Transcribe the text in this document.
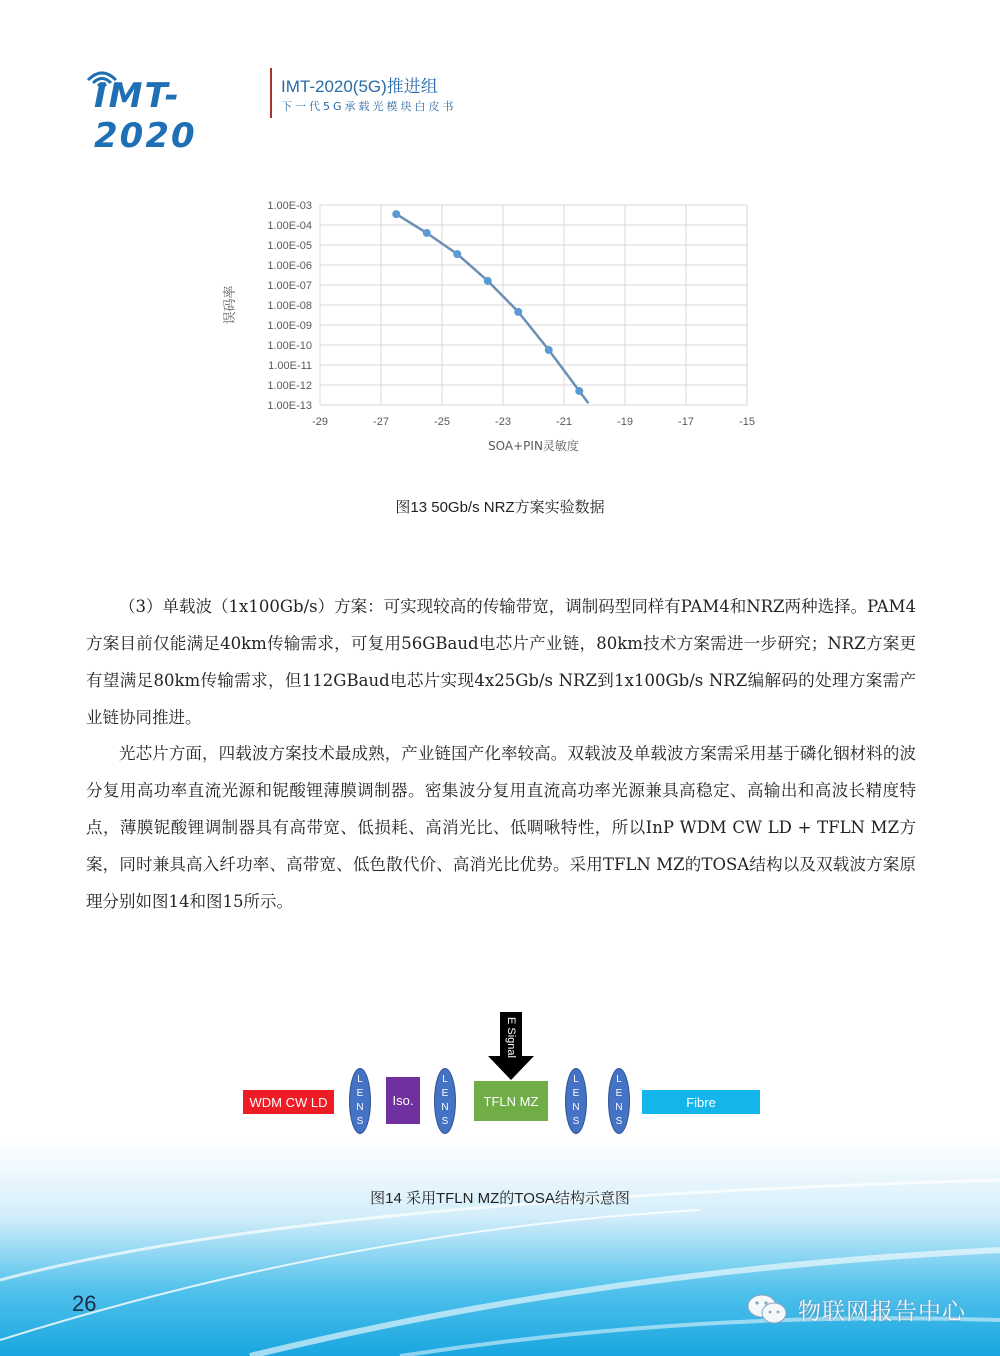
IMT-2020
IMT-2020(5G)推进组
下一代5G承载光模块白皮书
1.00E-03
1.00E-04
1.00E-05
1.00E-06
1.00E-07
1.00E-08
1.00E-09
1.00E-10
1.00E-11
1.00E-12
1.00E-13
-29	-27	-25	-23	-21	-19	-17	-15
SOA+PIN灵敏度
误码率
图13 50Gb/s NRZ方案实验数据
（3）单载波（1x100Gb/s）方案：可实现较高的传输带宽，调制码型同样有PAM4和NRZ两种选择。PAM4方案目前仅能满足40km传输需求，可复用56GBaud电芯片产业链，80km技术方案需进一步研究；NRZ方案更有望满足80km传输需求，但112GBaud电芯片实现4x25Gb/s NRZ到1x100Gb/s NRZ编解码的处理方案需产业链协同推进。
光芯片方面，四载波方案技术最成熟，产业链国产化率较高。双载波及单载波方案需采用基于磷化铟材料的波分复用高功率直流光源和铌酸锂薄膜调制器。密集波分复用直流高功率光源兼具高稳定、高输出和高波长精度特点，薄膜铌酸锂调制器具有高带宽、低损耗、高消光比、低啁啾特性，所以InP WDM CW LD + TFLN MZ方案，同时兼具高入纤功率、高带宽、低色散代价、高消光比优势。采用TFLN MZ的TOSA结构以及双载波方案原理分别如图14和图15所示。
WDM CW LD
L
E
N
S
Iso.
L
E
N
S
E Signal
TFLN MZ
L
E
N
S
L
E
N
S
Fibre
图14 采用TFLN MZ的TOSA结构示意图
26	物联网报告中心
